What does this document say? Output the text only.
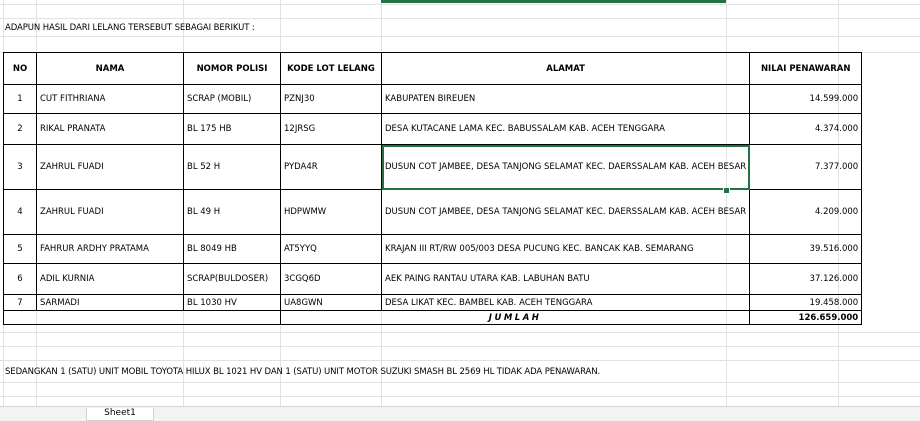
ADAPUN HASIL DARI LELANG TERSEBUT SEBAGAI BERIKUT :
NO	NAMA	NOMOR POLISI	KODE LOT LELANG	ALAMAT	NILAI PENAWARAN
1	CUT FITHRIANA	SCRAP (MOBIL)	PZNJ30	KABUPATEN BIREUEN	14.599.000
2	RIKAL PRANATA	BL 175 HB	12JRSG	DESA KUTACANE LAMA KEC. BABUSSALAM KAB. ACEH TENGGARA	4.374.000
3	ZAHRUL FUADI	BL 52 H	PYDA4R	DUSUN COT JAMBEE, DESA TANJONG SELAMAT KEC. DAERSSALAM KAB. ACEH BESAR	7.377.000
4	ZAHRUL FUADI	BL 49 H	HDPWMW	DUSUN COT JAMBEE, DESA TANJONG SELAMAT KEC. DAERSSALAM KAB. ACEH BESAR	4.209.000
5	FAHRUR ARDHY PRATAMA	BL 8049 HB	AT5YYQ	KRAJAN III RT/RW 005/003 DESA PUCUNG KEC. BANCAK KAB. SEMARANG	39.516.000
6	ADIL KURNIA	SCRAP(BULDOSER)	3CGQ6D	AEK PAING RANTAU UTARA KAB. LABUHAN BATU	37.126.000
7	SARMADI	BL 1030 HV	UA8GWN	DESA LIKAT KEC. BAMBEL KAB. ACEH TENGGARA	19.458.000
			JUMLAH		126.659.000
SEDANGKAN 1 (SATU) UNIT MOBIL TOYOTA HILUX BL 1021 HV DAN 1 (SATU) UNIT MOTOR SUZUKI SMASH BL 2569 HL TIDAK ADA PENAWARAN.
Sheet1
